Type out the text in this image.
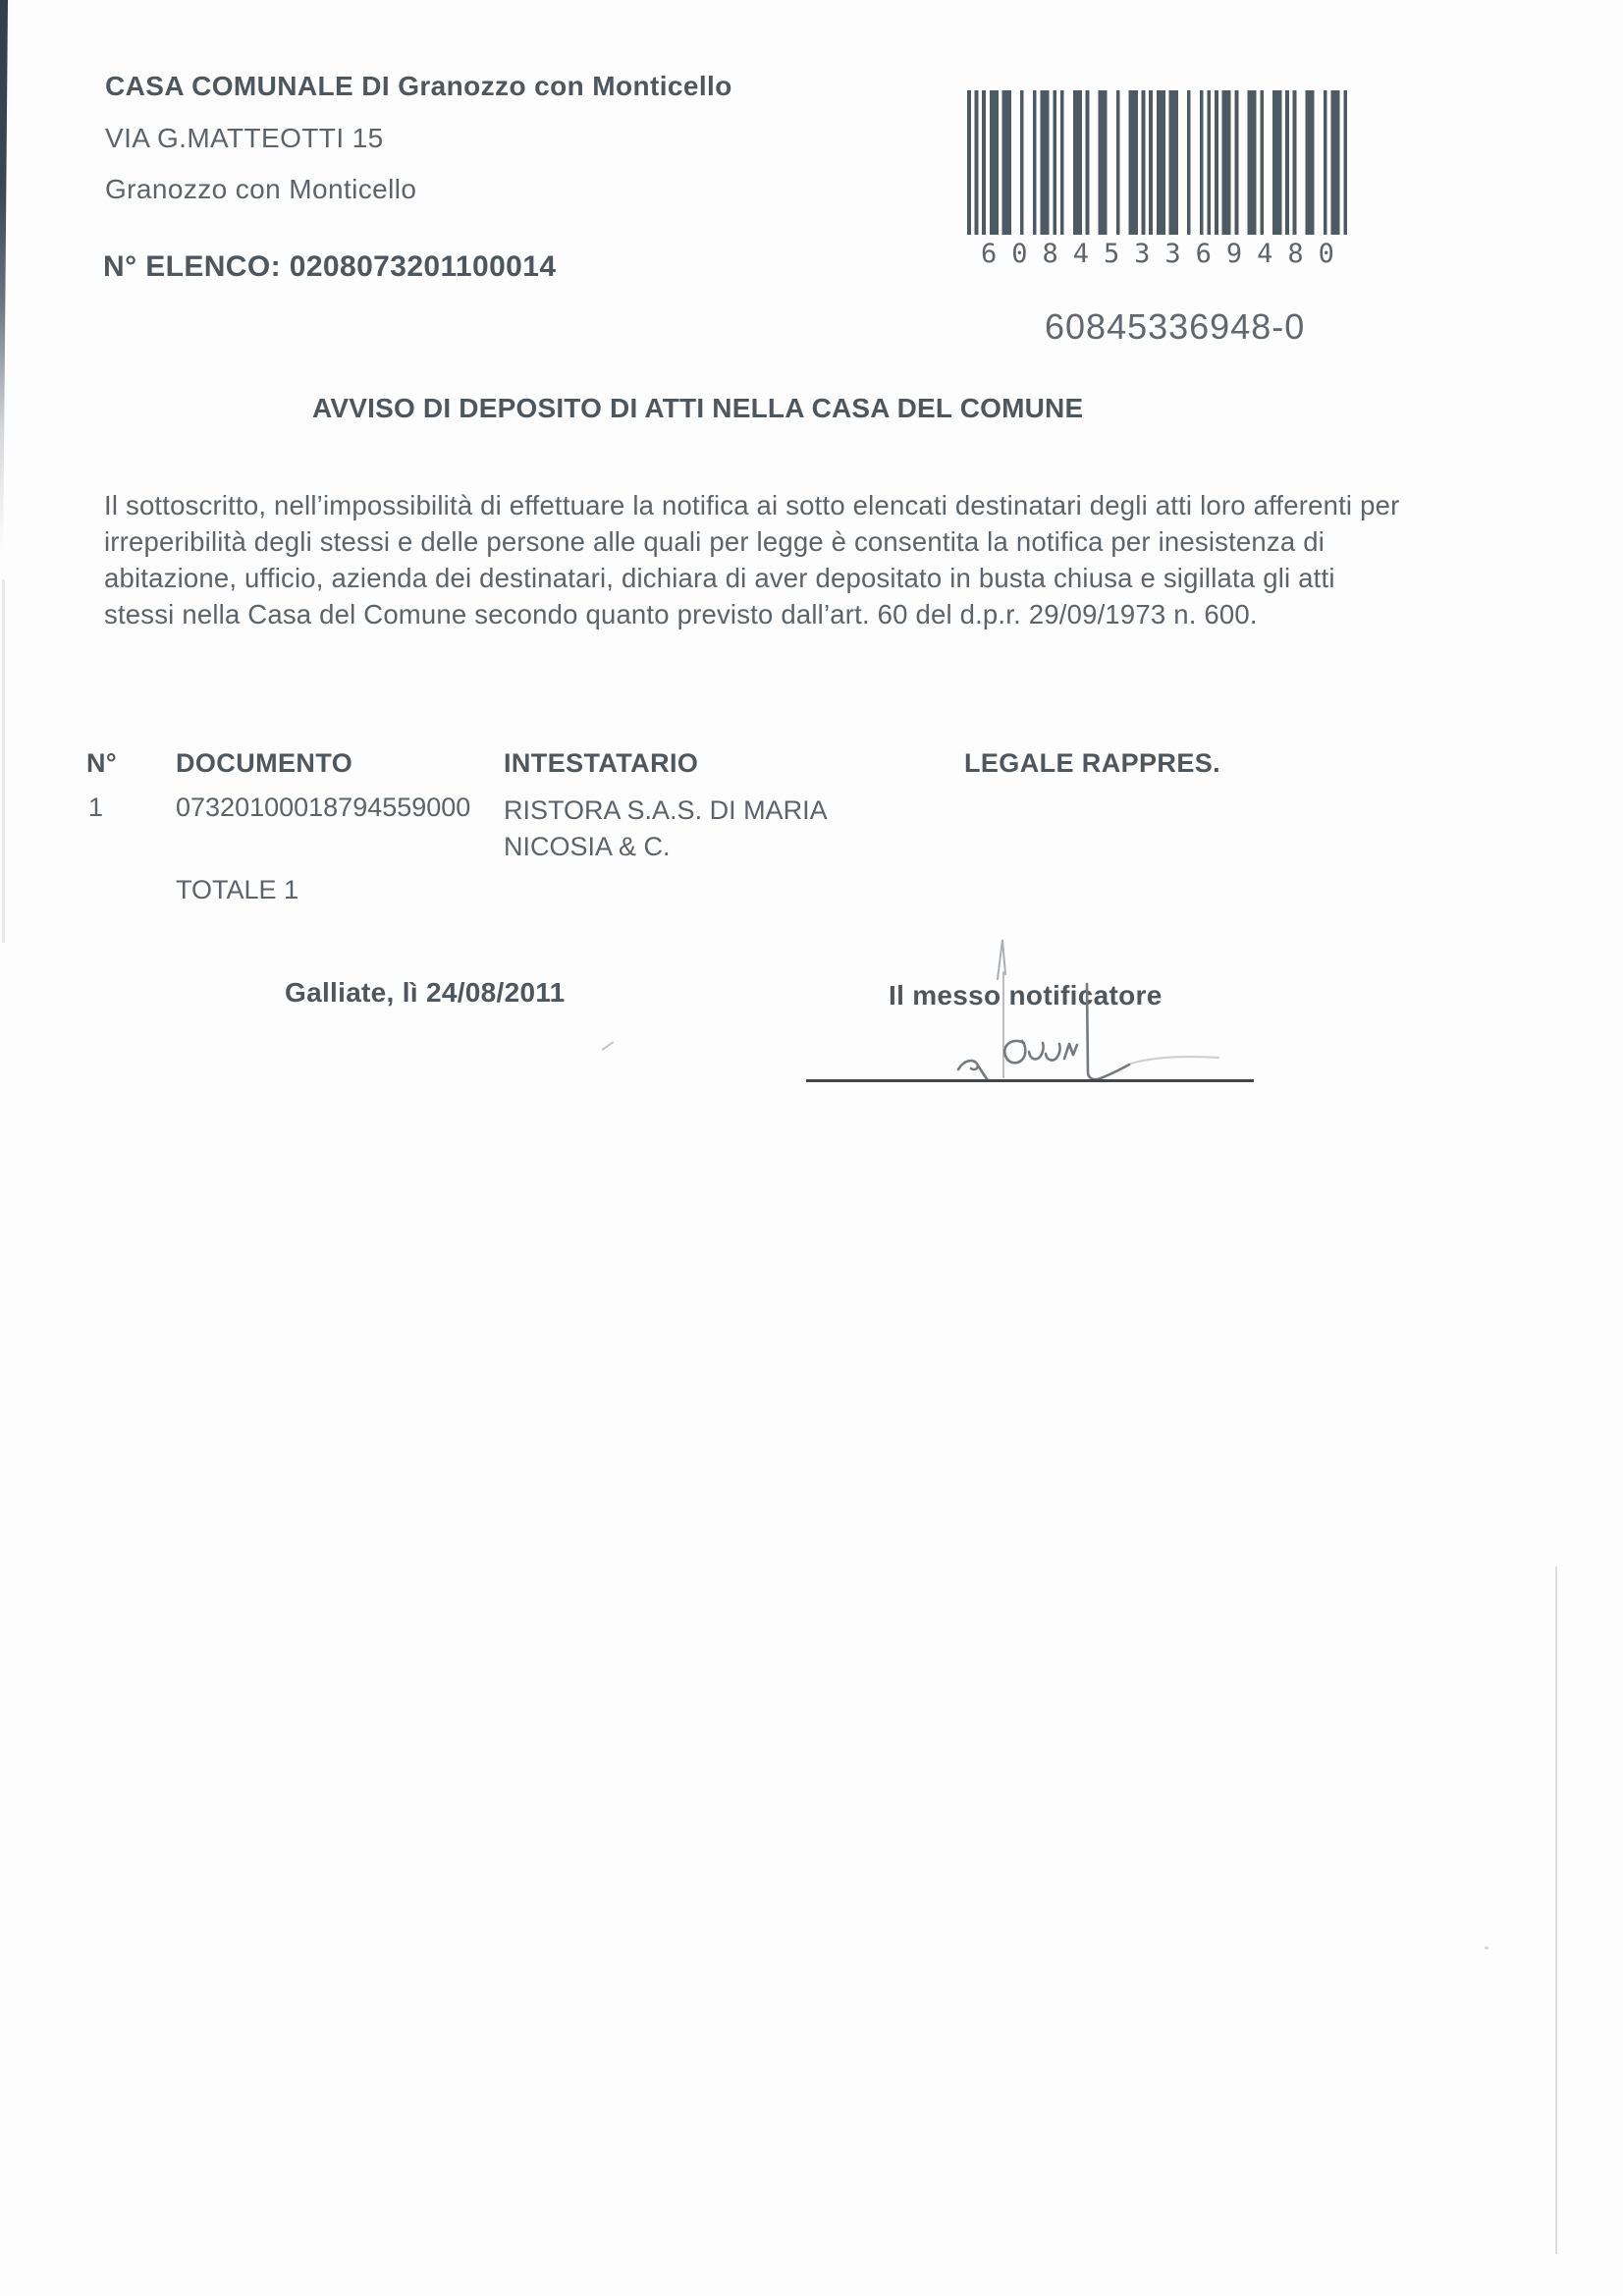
CASA COMUNALE DI Granozzo con Monticello
VIA G.MATTEOTTI 15
Granozzo con Monticello
N° ELENCO: 0208073201100014	6 0 8 4 5 3 3 6 9 4 8 0
60845336948-0
AVVISO DI DEPOSITO DI ATTI NELLA CASA DEL COMUNE
Il sottoscritto, nell’impossibilità di effettuare la notifica ai sotto elencati destinatari degli atti loro afferenti per irreperibilità degli stessi e delle persone alle quali per legge è consentita la notifica per inesistenza di abitazione, ufficio, azienda dei destinatari, dichiara di aver depositato in busta chiusa e sigillata gli atti stessi nella Casa del Comune secondo quanto previsto dall’art. 60 del d.p.r. 29/09/1973 n. 600.
N° DOCUMENTO	INTESTATARIO	LEGALE RAPPRES.
1	07320100018794559000 RISTORA S.A.S. DI MARIA NICOSIA & C.
TOTALE 1
Galliate, lì 24/08/2011	Il messo notificatore
